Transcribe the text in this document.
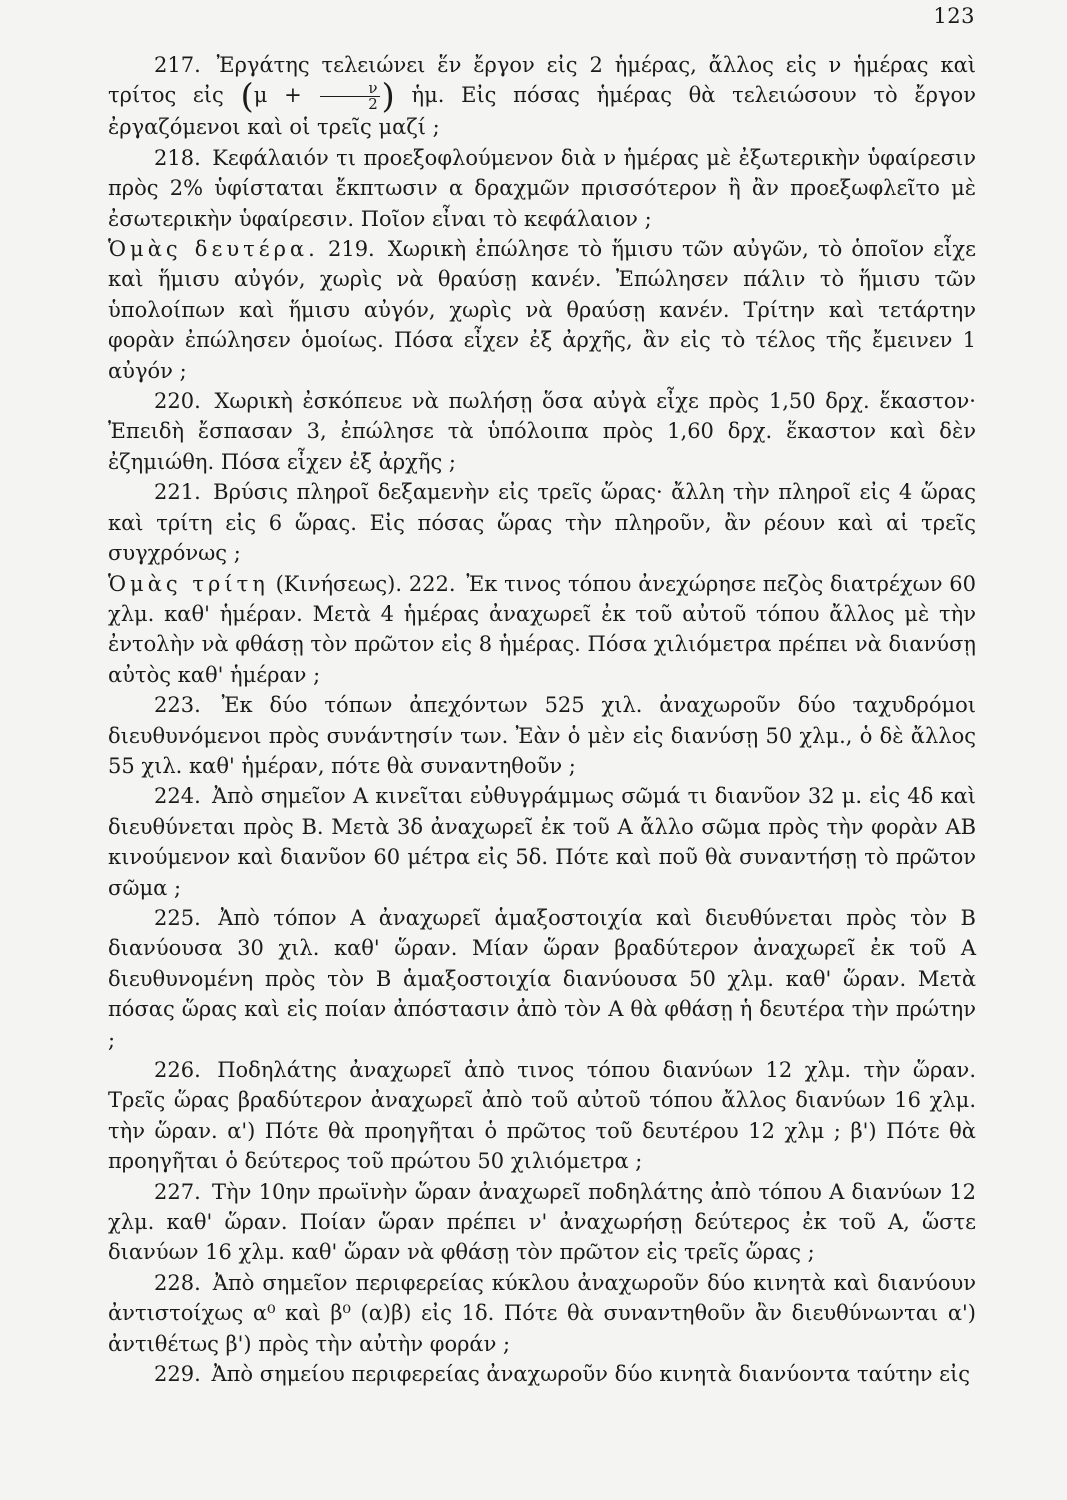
123

217. Ἐργάτης τελειώνει ἕν ἔργον εἰς 2 ἡμέρας, ἄλλος εἰς ν ἡμέρας καὶ τρίτος εἰς ($\mu + \frac{\nu}{2}$ ) ἡμ. Εἰς πόσας ἡμέρας θὰ τελειώσουν τὸ ἔργον ἐργαζόμενοι καὶ οἱ τρεῖς μαζί ;

218. Κεφάλαιόν τι προεξοφλούμενον διὰ ν ἡμέρας μὲ ἐξωτερικὴν ὑφαίρεσιν πρὸς 2% ὑφίσταται ἔκπτωσιν α δραχμῶν πρισσότερον ἢ ἂν προεξωφλεῖτο μὲ ἐσωτερικὴν ὑφαίρεσιν. Ποῖον εἶναι τὸ κεφάλαιον ;

Ὁμὰς δευτέρα. 219. Χωρικὴ ἐπώλησε τὸ ἥμισυ τῶν αὐγῶν, τὸ ὁποῖον εἶχε καὶ ἥμισυ αὐγόν, χωρὶς νὰ θραύσῃ κανέν. Ἐπώλησεν πάλιν τὸ ἥμισυ τῶν ὑπολοίπων καὶ ἥμισυ αὐγόν, χωρὶς νὰ θραύσῃ κανέν. Τρίτην καὶ τετάρτην φορὰν ἐπώλησεν ὁμοίως. Πόσα εἶχεν ἐξ ἀρχῆς, ἂν εἰς τὸ τέλος τῆς ἔμεινεν 1 αὐγόν ;

220. Χωρικὴ ἐσκόπευε νὰ πωλήσῃ ὅσα αὐγὰ εἶχε πρὸς 1,50 δρχ. ἕκαστον· Ἐπειδὴ ἔσπασαν 3, ἐπώλησε τὰ ὑπόλοιπα πρὸς 1,60 δρχ. ἕκαστον καὶ δὲν ἐζημιώθη. Πόσα εἶχεν ἐξ ἀρχῆς ;

221. Βρύσις πληροῖ δεξαμενὴν εἰς τρεῖς ὥρας· ἄλλη τὴν πληροῖ εἰς 4 ὥρας καὶ τρίτη εἰς 6 ὥρας. Εἰς πόσας ὥρας τὴν πληροῦν, ἂν ρέουν καὶ αἱ τρεῖς συγχρόνως ;

Ὁμὰς τρίτη (Κινήσεως). 222. Ἐκ τινος τόπου ἀνεχώρησε πεζὸς διατρέχων 60 χλμ. καθ' ἡμέραν. Μετὰ 4 ἡμέρας ἀναχωρεῖ ἐκ τοῦ αὐτοῦ τόπου ἄλλος μὲ τὴν ἐντολὴν νὰ φθάσῃ τὸν πρῶτον εἰς 8 ἡμέρας. Πόσα χιλιόμετρα πρέπει νὰ διανύσῃ αὐτὸς καθ' ἡμέραν ;

223. Ἐκ δύο τόπων ἀπεχόντων 525 χιλ. ἀναχωροῦν δύο ταχυδρόμοι διευθυνόμενοι πρὸς συνάντησίν των. Ἐὰν ὁ μὲν εἰς διανύσῃ 50 χλμ., ὁ δὲ ἄλλος 55 χιλ. καθ' ἡμέραν, πότε θὰ συναντηθοῦν ;

224. Ἀπὸ σημεῖον Α κινεῖται εὐθυγράμμως σῶμά τι διανῦον 32 μ. εἰς 4δ καὶ διευθύνεται πρὸς Β. Μετὰ 3δ ἀναχωρεῖ ἐκ τοῦ Α ἄλλο σῶμα πρὸς τὴν φορὰν ΑΒ κινούμενον καὶ διανῦον 60 μέτρα εἰς 5δ. Πότε καὶ ποῦ θὰ συναντήσῃ τὸ πρῶτον σῶμα ;

225. Ἀπὸ τόπον Α ἀναχωρεῖ ἁμαξοστοιχία καὶ διευθύνεται πρὸς τὸν Β διανύουσα 30 χιλ. καθ' ὥραν. Μίαν ὥραν βραδύτερον ἀναχωρεῖ ἐκ τοῦ Α διευθυνομένη πρὸς τὸν Β ἁμαξοστοιχία διανύουσα 50 χλμ. καθ' ὥραν. Μετὰ πόσας ὥρας καὶ εἰς ποίαν ἀπόστασιν ἀπὸ τὸν Α θὰ φθάσῃ ἡ δευτέρα τὴν πρώτην ;

226. Ποδηλάτης ἀναχωρεῖ ἀπὸ τινος τόπου διανύων 12 χλμ. τὴν ὥραν. Τρεῖς ὥρας βραδύτερον ἀναχωρεῖ ἀπὸ τοῦ αὐτοῦ τόπου ἄλλος διανύων 16 χλμ. τὴν ὥραν. α') Πότε θὰ προηγῆται ὁ πρῶτος τοῦ δευτέρου 12 χλμ ; β') Πότε θὰ προηγῆται ὁ δεύτερος τοῦ πρώτου 50 χιλιόμετρα ;

227. Τὴν 10ην πρωϊνὴν ὥραν ἀναχωρεῖ ποδηλάτης ἀπὸ τόπου Α διανύων 12 χλμ. καθ' ὥραν. Ποίαν ὥραν πρέπει ν' ἀναχωρήσῃ δεύτερος ἐκ τοῦ Α, ὥστε διανύων 16 χλμ. καθ' ὥραν νὰ φθάσῃ τὸν πρῶτον εἰς τρεῖς ὥρας ;

228. Ἀπὸ σημεῖον περιφερείας κύκλου ἀναχωροῦν δύο κινητὰ καὶ διανύουν ἀντιστοίχως α⁰ καὶ β⁰ (α)β) εἰς 1δ. Πότε θὰ συναντηθοῦν ἂν διευθύνωνται α') ἀντιθέτως β') πρὸς τὴν αὐτὴν φοράν ;

229. Ἀπὸ σημείου περιφερείας ἀναχωροῦν δύο κινητὰ διανύοντα ταύτην εἰς
